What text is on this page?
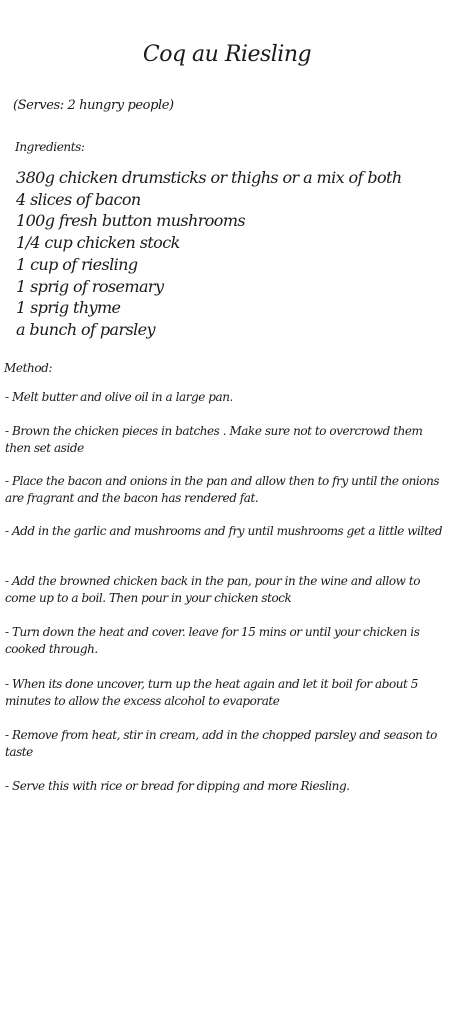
Coq au Riesling
(Serves: 2 hungry people)
Ingredients:
380g chicken drumsticks or thighs or a mix of both
4 slices of bacon
100g fresh button mushrooms
1/4 cup chicken stock
1 cup of riesling
1 sprig of rosemary
1 sprig thyme
a bunch of parsley
Method:

- Melt butter and olive oil in a large pan.

- Brown the chicken pieces in batches . Make sure not to overcrowd them then set aside

- Place the bacon and onions in the pan and allow then to fry until the onions are fragrant and the bacon has rendered fat.

- Add in the garlic and mushrooms and fry until mushrooms get a little wilted

- Add the browned chicken back in the pan, pour in the wine and allow to come up to a boil. Then pour in your chicken stock

- Turn down the heat and cover. leave for 15 mins or until your chicken is cooked through.

- When its done uncover, turn up the heat again and let it boil for about 5 minutes to allow the excess alcohol to evaporate

- Remove from heat, stir in cream, add in the chopped parsley and season to taste

- Serve this with rice or bread for dipping and more Riesling.
